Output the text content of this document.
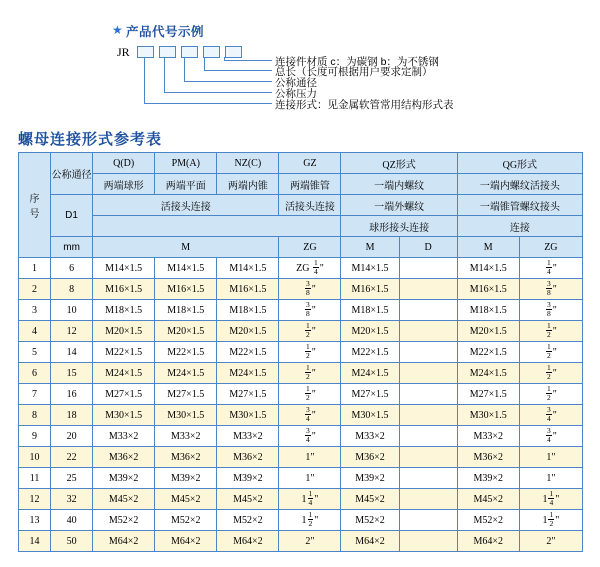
★ 产品代号示例
JR
连接件材质 c：为碳钢 b：为不锈钢
总长（长度可根据用户要求定制）
公称通径
公称压力
连接形式：见金属软管常用结构形式表
螺母连接形式参考表
序
号	公称通径	Q(D)	PM(A)	NZ(C)	GZ	QZ形式		QG形式	
		两端球形	两端平面	两端内锥	两端锥管	一端内螺纹		一端内螺纹活接头	
	D1	活接头连接			活接头连接	一端外螺纹		一端锥管螺纹接头	
						球形接头连接		连接	
	mm	M			ZG	M	D	M	ZG
1	6	M14×1.5	M14×1.5	M14×1.5	ZG $\frac{1}{4}$ "	M14×1.5		M14×1.5	$\frac{1}{4}$ "
2	8	M16×1.5	M16×1.5	M16×1.5	$\frac{3}{8}$ "	M16×1.5		M16×1.5	$\frac{3}{8}$ "
3	10	M18×1.5	M18×1.5	M18×1.5	$\frac{3}{8}$ "	M18×1.5		M18×1.5	$\frac{3}{8}$ "
4	12	M20×1.5	M20×1.5	M20×1.5	$\frac{1}{2}$ "	M20×1.5		M20×1.5	$\frac{1}{2}$ "
5	14	M22×1.5	M22×1.5	M22×1.5	$\frac{1}{2}$ "	M22×1.5		M22×1.5	$\frac{1}{2}$ "
6	15	M24×1.5	M24×1.5	M24×1.5	$\frac{1}{2}$ "	M24×1.5		M24×1.5	$\frac{1}{2}$ "
7	16	M27×1.5	M27×1.5	M27×1.5	$\frac{1}{2}$ "	M27×1.5		M27×1.5	$\frac{1}{2}$ "
8	18	M30×1.5	M30×1.5	M30×1.5	$\frac{3}{4}$ "	M30×1.5		M30×1.5	$\frac{3}{4}$ "
9	20	M33×2	M33×2	M33×2	$\frac{3}{4}$ "	M33×2		M33×2	$\frac{3}{4}$ "
10	22	M36×2	M36×2	M36×2	1"	M36×2		M36×2	1"
11	25	M39×2	M39×2	M39×2	1"	M39×2		M39×2	1"
12	32	M45×2	M45×2	M45×2	$1 \frac{1}{4}$ "	M45×2		M45×2	$1 \frac{1}{4}$ "
13	40	M52×2	M52×2	M52×2	$1 \frac{1}{2}$ "	M52×2		M52×2	$1 \frac{1}{2}$ "
14	50	M64×2	M64×2	M64×2	2"	M64×2		M64×2	2"
